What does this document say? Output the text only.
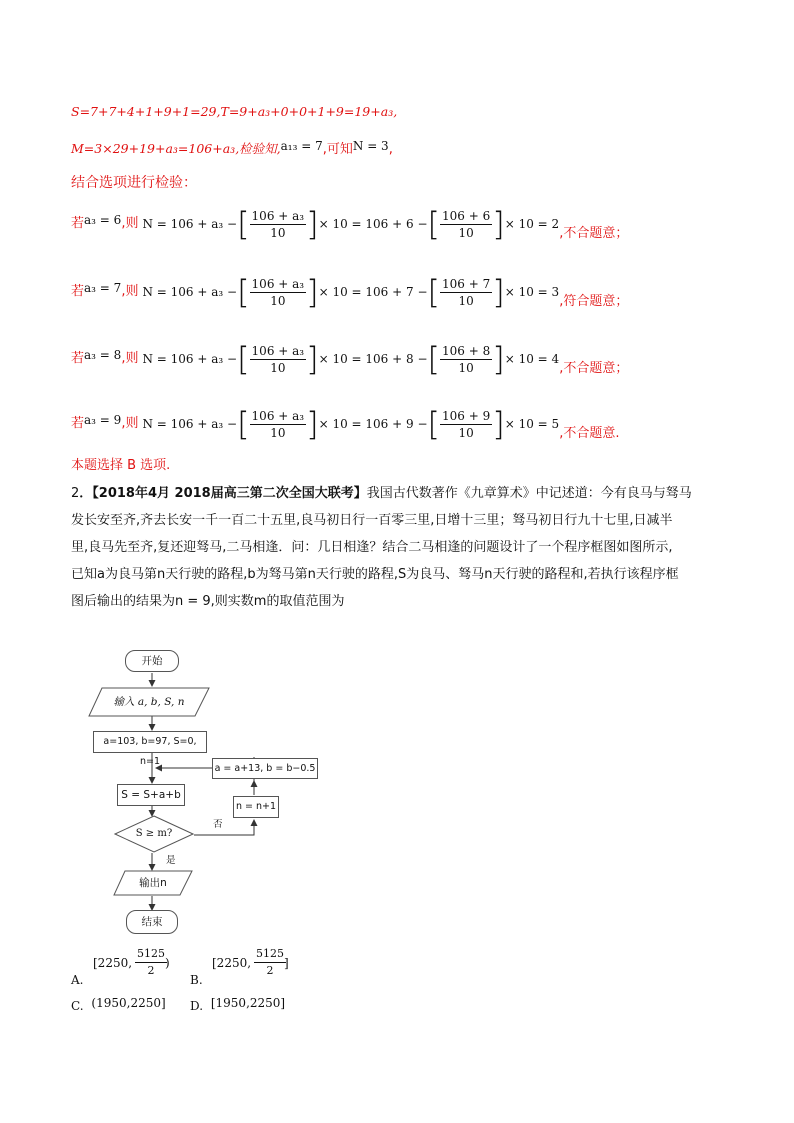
S=7+7+4+1+9+1=29,T=9+a₃+0+0+1+9=19+a₃,
M=3×29+19+a₃=106+a₃,检验知,a₁₃ = 7,可知N = 3,
结合选项进行检验：
若 a₃ = 6 ,则 N = 106 + a₃ − [ $\frac{\text{106 + a₃}}{10}$ ] × 10 = 106 + 6 − [ $\frac{106 + 6}{10}$ ] × 10 = 2
,不合题意；
若 a₃ = 7 ,则 N = 106 + a₃ − [ $\frac{\text{106 + a₃}}{10}$ ] × 10 = 106 + 7 − [ $\frac{106 + 7}{10}$ ] × 10 = 3
,符合题意；
若 a₃ = 8 ,则 N = 106 + a₃ − [ $\frac{\text{106 + a₃}}{10}$ ] × 10 = 106 + 8 − [ $\frac{106 + 8}{10}$ ] × 10 = 4
,不合题意；
若 a₃ = 9 ,则 N = 106 + a₃ − [ $\frac{\text{106 + a₃}}{10}$ ] × 10 = 106 + 9 − [ $\frac{106 + 9}{10}$ ] × 10 = 5
,不合题意.
本题选择 B 选项.
2．【2018年4月 2018届高三第二次全国大联考】我国古代数著作《九章算术》中记述道：今有良马与驽马
发长安至齐,齐去长安一千一百二十五里,良马初日行一百零三里,日增十三里；驽马初日行九十七里,日减半
里,良马先至齐,复还迎驽马,二马相逢．问：几日相逢？结合二马相逢的问题设计了一个程序框图如图所示,
已知a为良马第n天行驶的路程,b为驽马第n天行驶的路程,S为良马、驽马n天行驶的路程和,若执行该程序框
图后输出的结果为n = 9,则实数m的取值范围为
开始
输入 a, b, S, n
a=103, b=97, S=0, n=1
a = a+13, b = b−0.5
S = S+a+b
n = n+1
S ≥ m?
否
是
输出n
结束
A.
[2250, $\frac{5125}{2}$
)
B.
[2250, $\frac{5125}{2}$
]
C. (1950,2250] D. [1950,2250]
